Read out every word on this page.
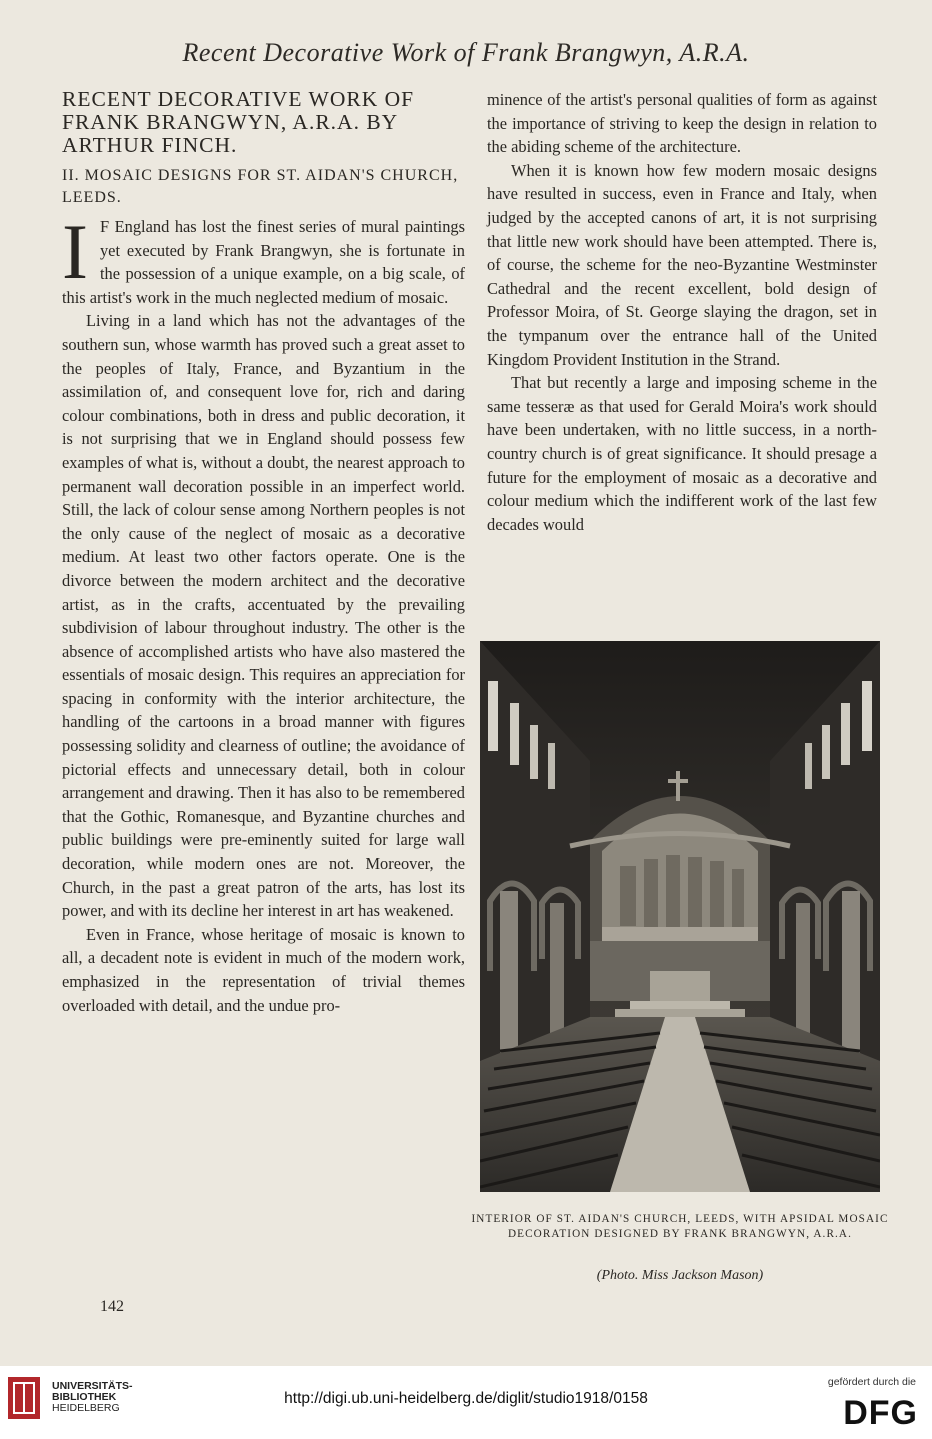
Recent Decorative Work of Frank Brangwyn, A.R.A.
RECENT DECORATIVE WORK OF FRANK BRANGWYN, A.R.A. BY ARTHUR FINCH.
II. MOSAIC DESIGNS FOR ST. AIDAN'S CHURCH, LEEDS.

I F England has lost the finest series of mural paintings yet executed by Frank Brangwyn, she is fortunate in the possession of a unique example, on a big scale, of this artist's work in the much neglected medium of mosaic.

Living in a land which has not the advantages of the southern sun, whose warmth has proved such a great asset to the peoples of Italy, France, and Byzantium in the assimilation of, and consequent love for, rich and daring colour combinations, both in dress and public decoration, it is not surprising that we in England should possess few examples of what is, without a doubt, the nearest approach to permanent wall decoration possible in an imperfect world. Still, the lack of colour sense among Northern peoples is not the only cause of the neglect of mosaic as a decorative medium. At least two other factors operate. One is the divorce between the modern architect and the decorative artist, as in the crafts, accentuated by the prevailing subdivision of labour throughout industry. The other is the absence of accomplished artists who have also mastered the essentials of mosaic design. This requires an appreciation for spacing in conformity with the interior architecture, the handling of the cartoons in a broad manner with figures possessing solidity and clearness of outline; the avoidance of pictorial effects and unnecessary detail, both in colour arrangement and drawing. Then it has also to be remembered that the Gothic, Romanesque, and Byzantine churches and public buildings were pre-eminently suited for large wall decoration, while modern ones are not. Moreover, the Church, in the past a great patron of the arts, has lost its power, and with its decline her interest in art has weakened.

Even in France, whose heritage of mosaic is known to all, a decadent note is evident in much of the modern work, emphasized in the representation of trivial themes overloaded with detail, and the undue pro-

minence of the artist's personal qualities of form as against the importance of striving to keep the design in relation to the abiding scheme of the architecture.

When it is known how few modern mosaic designs have resulted in success, even in France and Italy, when judged by the accepted canons of art, it is not surprising that little new work should have been attempted. There is, of course, the scheme for the neo-Byzantine Westminster Cathedral and the recent excellent, bold design of Professor Moira, of St. George slaying the dragon, set in the tympanum over the entrance hall of the United Kingdom Provident Institution in the Strand.

That but recently a large and imposing scheme in the same tesseræ as that used for Gerald Moira's work should have been undertaken, with no little success, in a north-country church is of great significance. It should presage a future for the employment of mosaic as a decorative and colour medium which the indifferent work of the last few decades would

INTERIOR OF ST. AIDAN'S CHURCH, LEEDS, WITH APSIDAL MOSAIC DECORATION DESIGNED BY FRANK BRANGWYN, A.R.A.
(Photo. Miss Jackson Mason)
142
UNIVERSITÄTS-
BIBLIOTHEK
HEIDELBERG
http://digi.ub.uni-heidelberg.de/diglit/studio1918/0158
gefördert durch die
DFG
